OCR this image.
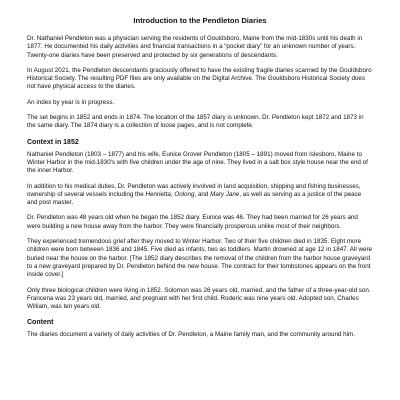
Introduction to the Pendleton Diaries

Dr. Nathaniel Pendleton was a physician serving the residents of Gouldsboro, Maine from the mid-1830s until his death in 1877. He documented his daily activities and financial transactions in a “pocket diary” for an unknown number of years. Twenty-one diaries have been preserved and protected by six generations of descendants.

In August 2021, the Pendleton descendants graciously offered to have the existing fragile diaries scanned by the Gouldsboro Historical Society. The resulting PDF files are only available on the Digital Archive. The Gouldsboro Historical Society does not have physical access to the diaries.

An index by year is in progress.

The set begins in 1852 and ends in 1874. The location of the 1857 diary is unknown. Dr. Pendleton kept 1872 and 1873 in the same diary. The 1874 diary is a collection of loose pages, and is not complete.

Context in 1852

Nathaniel Pendleton (1803 – 1877) and his wife, Eunice Grover Pendleton (1805 – 1891) moved from Islesboro, Maine to Winter Harbor in the mid-1830's with five children under the age of nine. They lived in a salt box style house near the end of the inner Harbor.

In addition to his medical duties, Dr. Pendleton was actively involved in land acquisition, shipping and fishing businesses, ownership of several vessels including the Henrietta, Oolong, and Mary Jane, as well as serving as a justice of the peace and post master.

Dr. Pendleton was 48 years old when he began the 1852 diary. Eunice was 46. They had been married for 26 years and were building a new house away from the harbor. They were financially prosperous unlike most of their neighbors.

They experienced tremendous grief after they moved to Winter Harbor. Two of their five children died in 1835. Eight more children were born between 1836 and 1845. Five died as infants, two as toddlers. Martin drowned at age 12 in 1847. All were buried near the house on the harbor. [The 1852 diary describes the removal of the children from the harbor house graveyard to a new graveyard prepared by Dr. Pendleton behind the new house. The contract for their tombstones appears on the front inside cover.]

Only three biological children were living in 1852. Solomon was 26 years old, married, and the father of a three-year-old son. Francena was 23 years old, married, and pregnant with her first child. Roderic was nine years old. Adopted son, Charles William, was ten years old.

Content

The diaries document a variety of daily activities of Dr. Pendleton, a Maine family man, and the community around him.
